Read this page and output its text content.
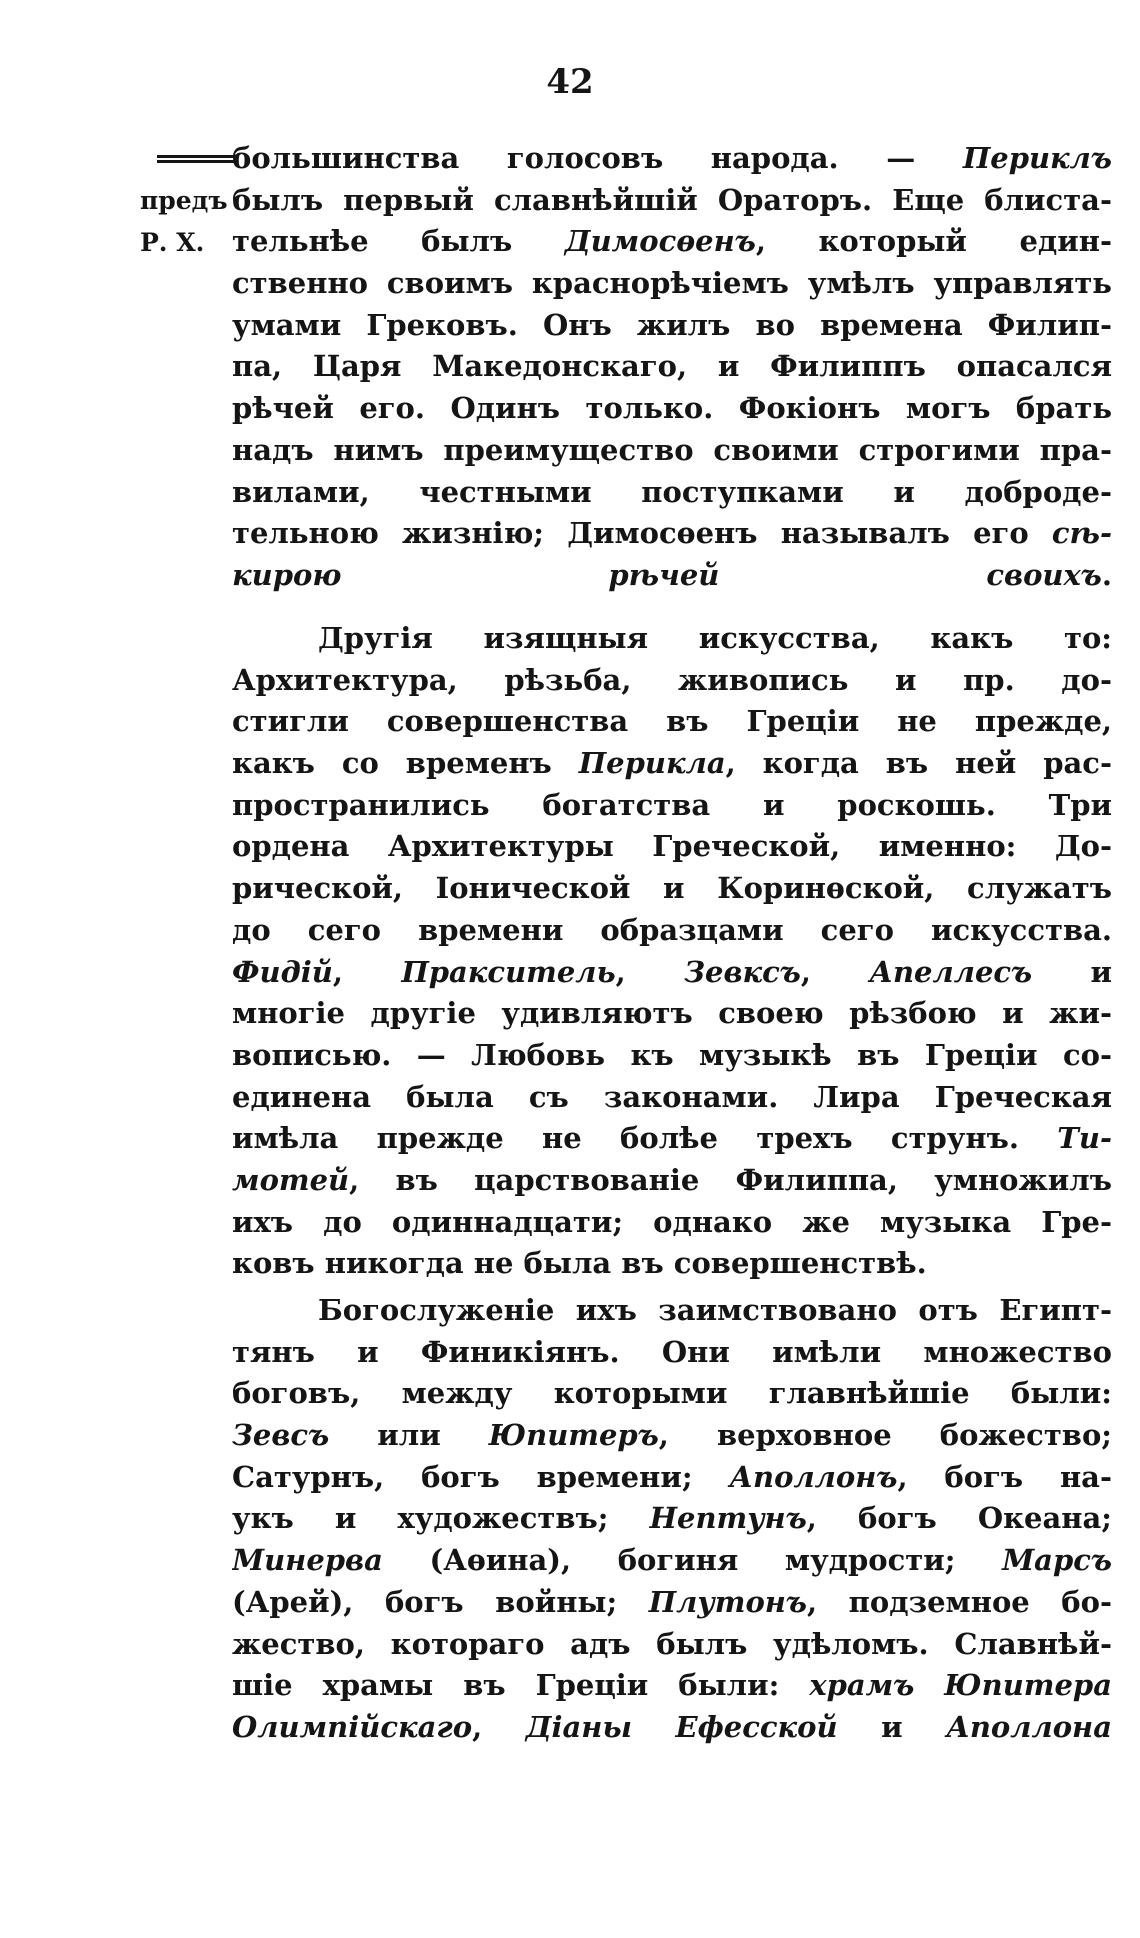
42
предъ
Р. Х.
большинства голосовъ народа. — Периклъ
былъ первый славнѣйшій Ораторъ. Еще блиста-
тельнѣе былъ Димосѳенъ, который един-
ственно своимъ краснорѣчіемъ умѣлъ управлять
умами Грековъ. Онъ жилъ во времена Филип-
па, Царя Македонскаго, и Филиппъ опасался
рѣчей его. Одинъ только. Фокіонъ могъ брать
надъ нимъ преимущество своими строгими пра-
вилами, честными поступками и доброде-
тельною жизнію; Димосѳенъ называлъ его сѣ-
кирою рѣчей своихъ.
Другія изящныя искусства, какъ то:
Архитектура, рѣзьба, живопись и пр. до-
стигли совершенства въ Греціи не прежде,
какъ со временъ Перикла, когда въ ней рас-
пространились богатства и роскошь. Три
ордена Архитектуры Греческой, именно: До-
рической, Іонической и Коринѳской, служатъ
до сего времени образцами сего искусства.
Фидій, Пракситель, Зевксъ, Апеллесъ и
многіе другіе удивляютъ своею рѣзбою и жи-
вописью. — Любовь къ музыкѣ въ Греціи со-
единена была съ законами. Лира Греческая
имѣла прежде не болѣе трехъ струнъ. Ти-
мотей, въ царствованіе Филиппа, умножилъ
ихъ до одиннадцати; однако же музыка Гре-
ковъ никогда не была въ совершенствѣ.
Богослуженіе ихъ заимствовано отъ Египт-
тянъ и Финикіянъ. Они имѣли множество
боговъ, между которыми главнѣйшіе были:
Зевсъ или Юпитеръ, верховное божество;
Сатурнъ, богъ времени; Аполлонъ, богъ на-
укъ и художествъ; Нептунъ, богъ Океана;
Минерва (Аѳина), богиня мудрости; Марсъ
(Арей), богъ войны; Плутонъ, подземное бо-
жество, котораго адъ былъ удѣломъ. Славнѣй-
шіе храмы въ Греціи были: храмъ Юпитера
Олимпійскаго, Діаны Ефесской и Аполлона
